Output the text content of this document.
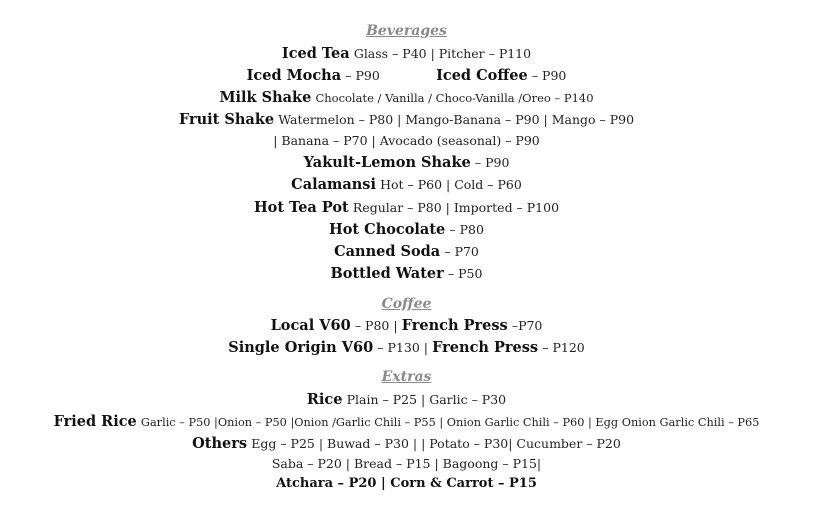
Beverages
Iced Tea Glass – P40 | Pitcher – P110
Iced Mocha – P90	Iced Coffee – P90
Milk Shake Chocolate / Vanilla / Choco-Vanilla /Oreo – P140
Fruit Shake Watermelon – P80 | Mango-Banana – P90 | Mango – P90
| Banana – P70 | Avocado (seasonal) – P90
Yakult-Lemon Shake – P90
Calamansi Hot – P60 | Cold – P60
Hot Tea Pot Regular – P80 | Imported – P100
Hot Chocolate – P80
Canned Soda – P70
Bottled Water – P50
Coffee
Local V60 – P80 | French Press –P70
Single Origin V60 – P130 | French Press – P120
Extras
Rice Plain – P25 | Garlic – P30
Fried Rice Garlic – P50 |Onion – P50 |Onion /Garlic Chili – P55 | Onion Garlic Chili – P60 | Egg Onion Garlic Chili – P65
Others Egg – P25 | Buwad – P30 | | Potato – P30| Cucumber – P20
Saba – P20 | Bread – P15 | Bagoong – P15|
Atchara – P20 | Corn & Carrot – P15
